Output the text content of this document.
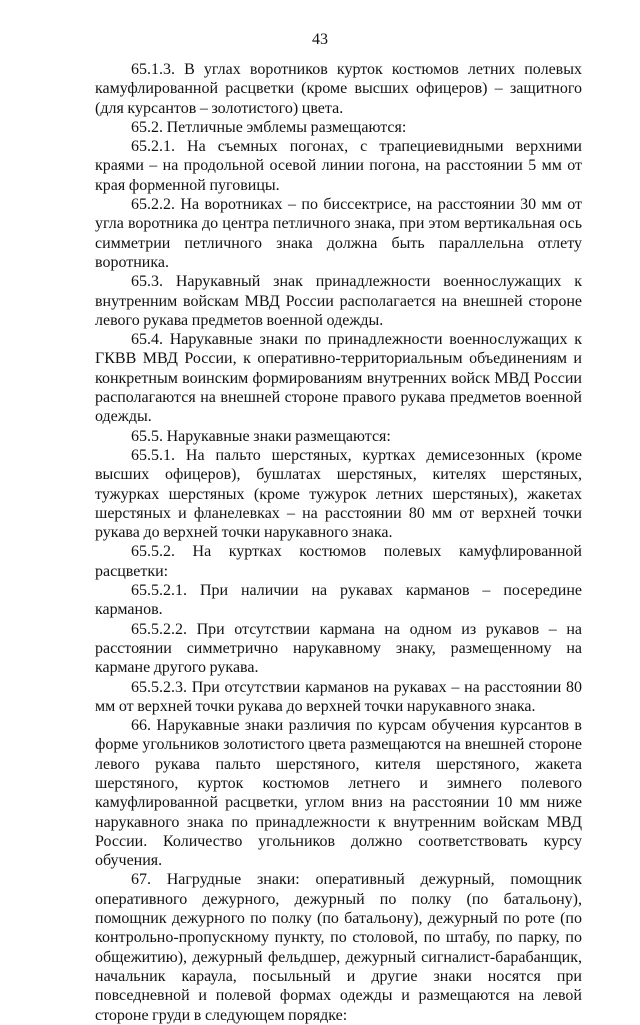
43

65.1.3. В углах воротников курток костюмов летних полевых камуфлированной расцветки (кроме высших офицеров) – защитного (для курсантов – золотистого) цвета.

65.2. Петличные эмблемы размещаются:

65.2.1. На съемных погонах, с трапециевидными верхними краями – на продольной осевой линии погона, на расстоянии 5 мм от края форменной пуговицы.

65.2.2. На воротниках – по биссектрисе, на расстоянии 30 мм от угла воротника до центра петличного знака, при этом вертикальная ось симметрии петличного знака должна быть параллельна отлету воротника.

65.3. Нарукавный знак принадлежности военнослужащих к внутренним войскам МВД России располагается на внешней стороне левого рукава предметов военной одежды.

65.4. Нарукавные знаки по принадлежности военнослужащих к ГКВВ МВД России, к оперативно-территориальным объединениям и конкретным воинским формированиям внутренних войск МВД России располагаются на внешней стороне правого рукава предметов военной одежды.

65.5. Нарукавные знаки размещаются:

65.5.1. На пальто шерстяных, куртках демисезонных (кроме высших офицеров), бушлатах шерстяных, кителях шерстяных, тужурках шерстяных (кроме тужурок летних шерстяных), жакетах шерстяных и фланелевках – на расстоянии 80 мм от верхней точки рукава до верхней точки нарукавного знака.

65.5.2. На куртках костюмов полевых камуфлированной расцветки:

65.5.2.1. При наличии на рукавах карманов – посередине карманов.

65.5.2.2. При отсутствии кармана на одном из рукавов – на расстоянии симметрично нарукавному знаку, размещенному на кармане другого рукава.

65.5.2.3. При отсутствии карманов на рукавах – на расстоянии 80 мм от верхней точки рукава до верхней точки нарукавного знака.

66. Нарукавные знаки различия по курсам обучения курсантов в форме угольников золотистого цвета размещаются на внешней стороне левого рукава пальто шерстяного, кителя шерстяного, жакета шерстяного, курток костюмов летнего и зимнего полевого камуфлированной расцветки, углом вниз на расстоянии 10 мм ниже нарукавного знака по принадлежности к внутренним войскам МВД России. Количество угольников должно соответствовать курсу обучения.

67. Нагрудные знаки: оперативный дежурный, помощник оперативного дежурного, дежурный по полку (по батальону), помощник дежурного по полку (по батальону), дежурный по роте (по контрольно-пропускному пункту, по столовой, по штабу, по парку, по общежитию), дежурный фельдшер, дежурный сигналист-барабанщик, начальник караула, посыльный и другие знаки носятся при повседневной и полевой формах одежды и размещаются на левой стороне груди в следующем порядке:
